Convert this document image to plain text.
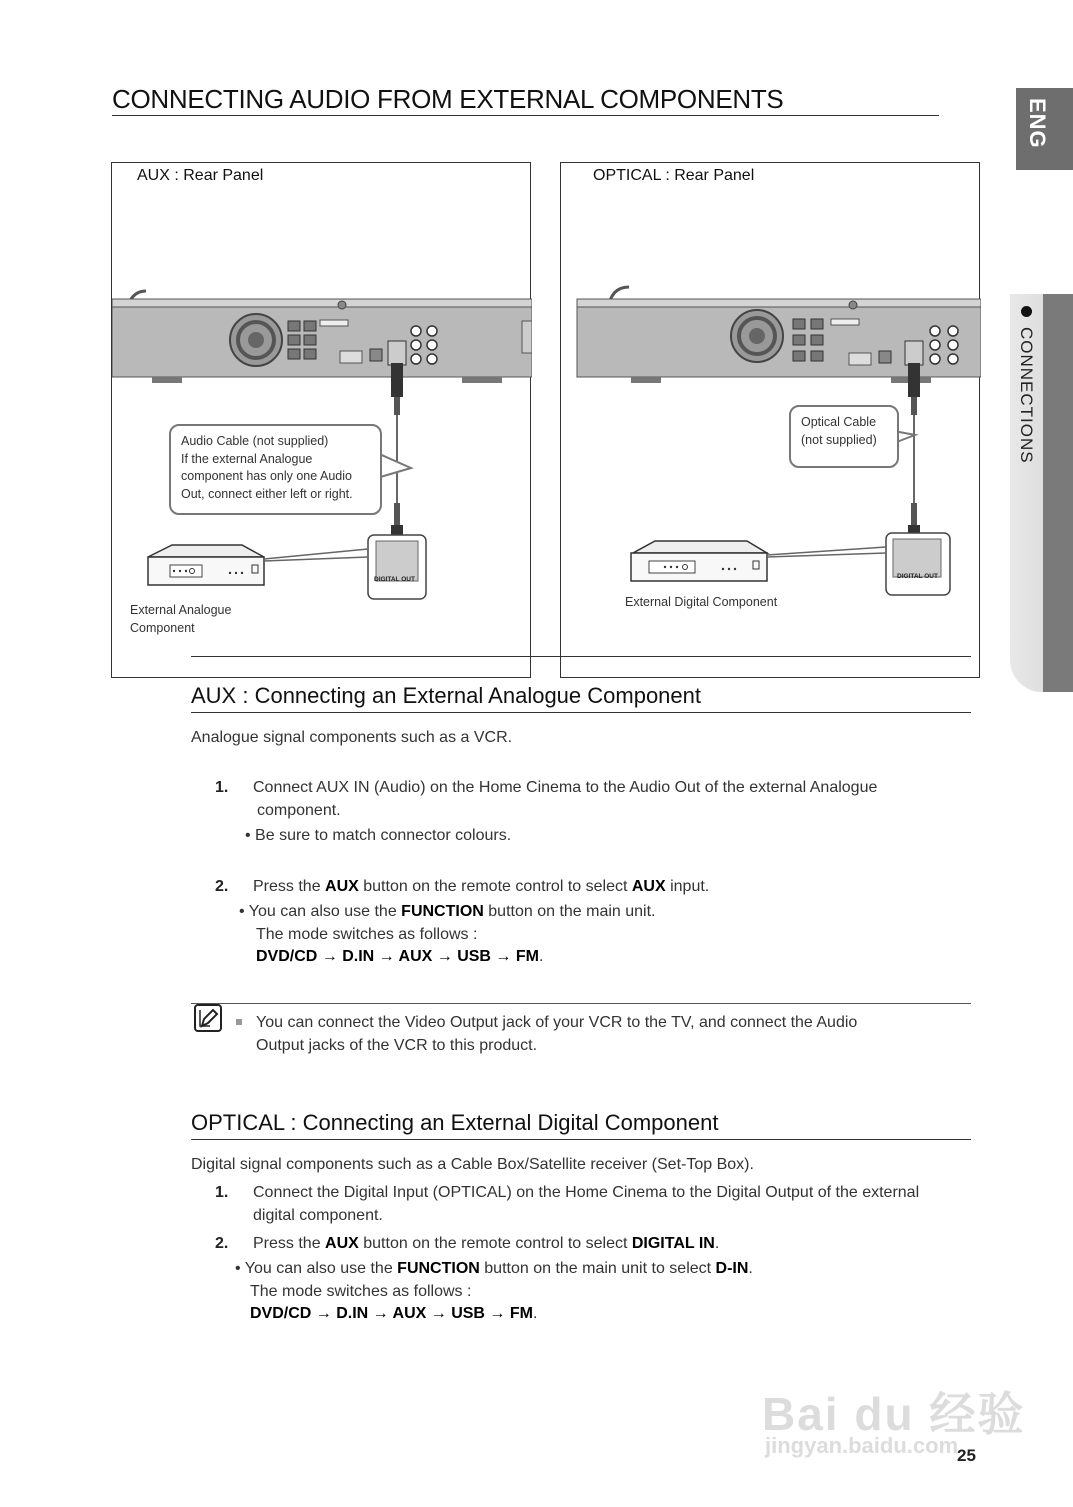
CONNECTING AUDIO FROM EXTERNAL COMPONENTS	ENG
CONNECTIONS
AUX : Rear Panel
Audio Cable (not supplied)
If the external Analogue
component has only one Audio
Out, connect either left or right.
DIGITAL OUT
External Analogue
Component
OPTICAL : Rear Panel
Optical Cable
(not supplied)
DIGITAL OUT
External Digital Component
AUX : Connecting an External Analogue Component
Analogue signal components such as a VCR.
1. Connect AUX IN (Audio) on the Home Cinema to the Audio Out of the external Analogue
component.
• Be sure to match connector colours.
2. Press the AUX button on the remote control to select AUX input.
• You can also use the FUNCTION button on the main unit.
The mode switches as follows :
DVD/CD → D.IN → AUX → USB → FM.
You can connect the Video Output jack of your VCR to the TV, and connect the Audio
Output jacks of the VCR to this product.
OPTICAL : Connecting an External Digital Component
Digital signal components such as a Cable Box/Satellite receiver (Set-Top Box).
1. Connect the Digital Input (OPTICAL) on the Home Cinema to the Digital Output of the external
digital component.
2. Press the AUX button on the remote control to select DIGITAL IN.
• You can also use the FUNCTION button on the main unit to select D-IN.
The mode switches as follows :
DVD/CD → D.IN → AUX → USB → FM.
Bai du 经验
jingyan.baidu.com
25
